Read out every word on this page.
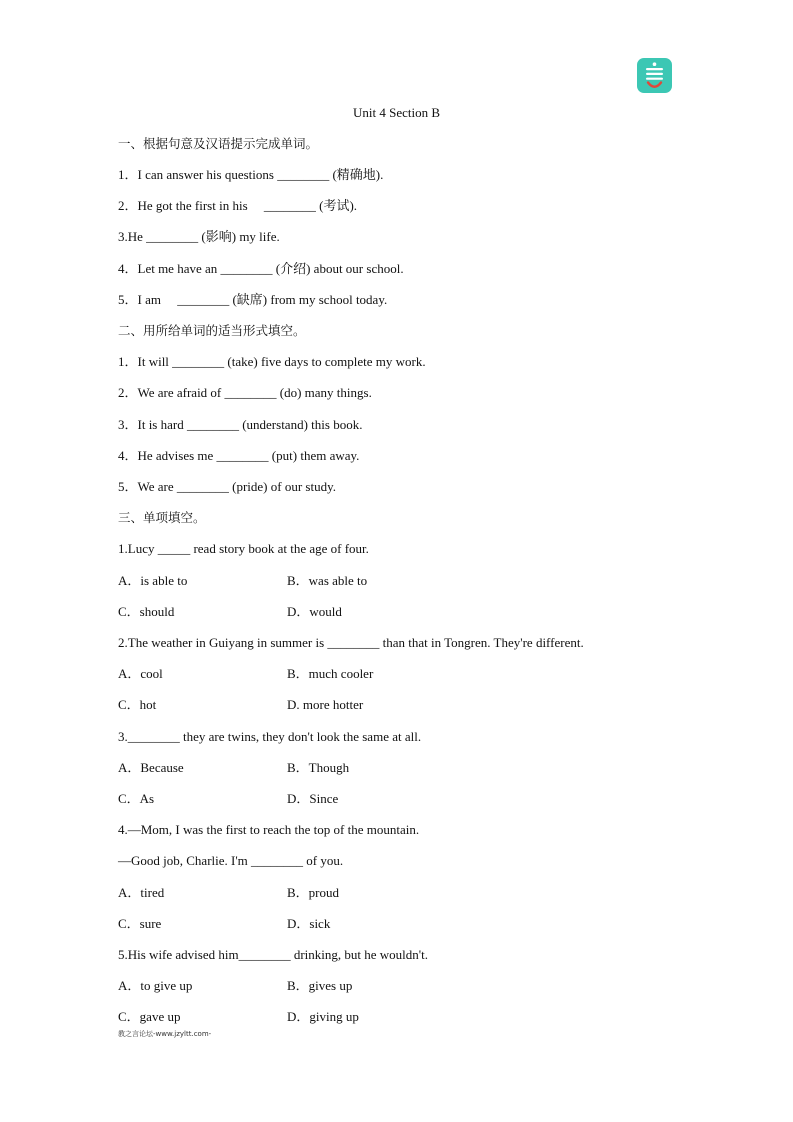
Unit 4 Section B
一、根据句意及汉语提示完成单词。
1．I can answer his questions ________ (精确地).
2．He got the first in his　 ________ (考试).
3.He ________ (影响) my life.
4．Let me have an ________ (介绍) about our school.
5．I am　 ________ (缺席) from my school today.
二、用所给单词的适当形式填空。
1．It will ________ (take) five days to complete my work.
2．We are afraid of ________ (do) many things.
3．It is hard ________ (understand) this book.
4．He advises me ________ (put) them away.
5．We are ________ (pride) of our study.
三、单项填空。
1.Lucy _____ read story book at the age of four.
A．is able to	B．was able to
C．should	D．would
2.The weather in Guiyang in summer is ________ than that in Tongren. They're different.
A．cool	B．much cooler
C．hot	D. more hotter
3.________ they are twins, they don't look the same at all.
A．Because	B．Though
C．As	D．Since
4.—Mom, I was the first to reach the top of the mountain.
—Good job, Charlie. I'm ________ of you.
A．tired	B．proud
C．sure	D．sick
5.His wife advised him________ drinking, but he wouldn't.
A．to give up	B．gives up
C．gave up	D．giving up
教之言论坛-www.jzyltt.com-
